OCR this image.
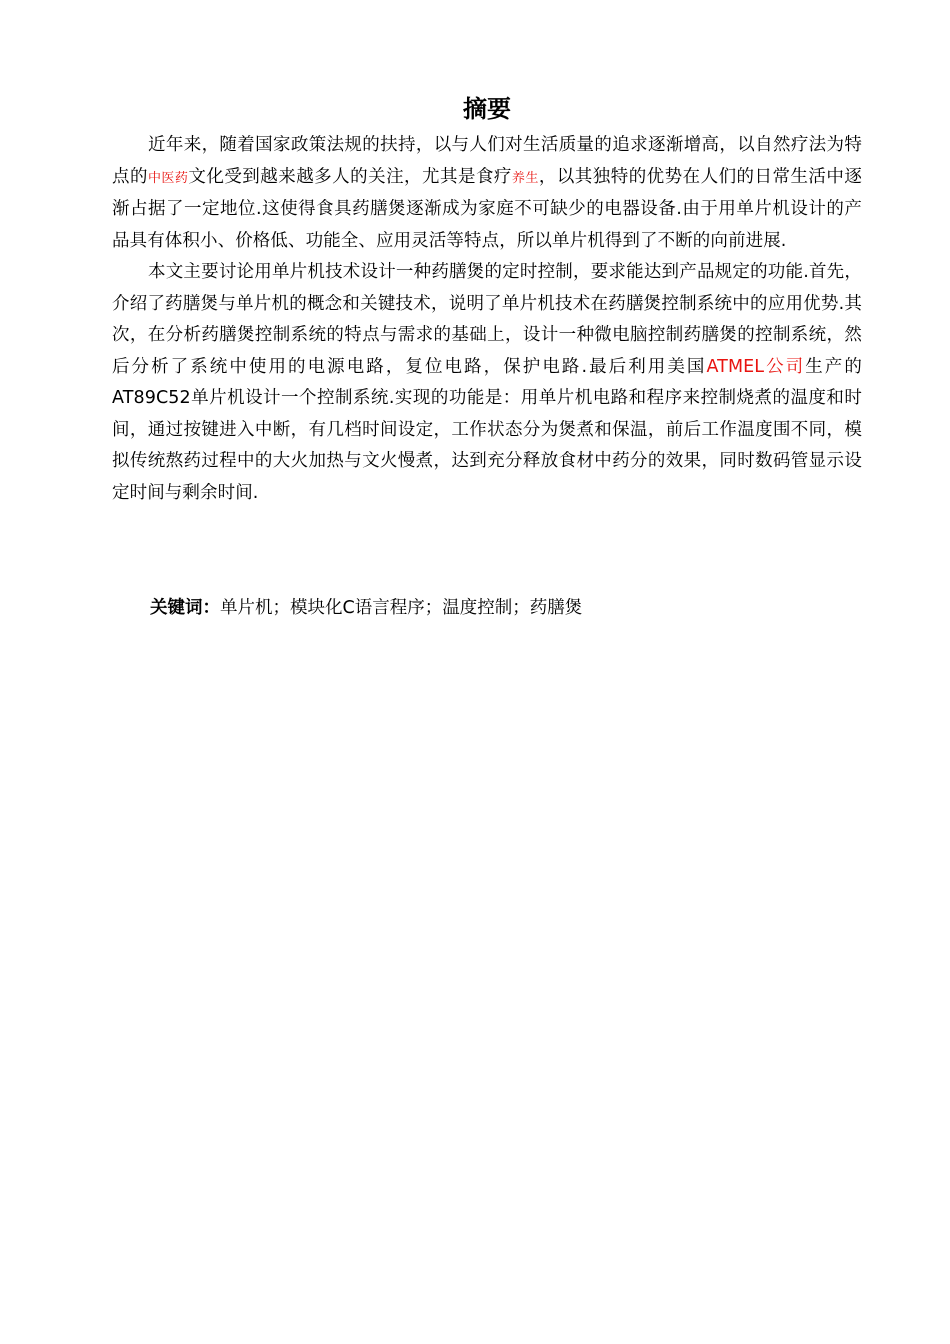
摘要

近年来，随着国家政策法规的扶持，以与人们对生活质量的追求逐渐增高，以自然疗法为特点的中医药文化受到越来越多人的关注，尤其是食疗养生，以其独特的优势在人们的日常生活中逐渐占据了一定地位.这使得食具药膳煲逐渐成为家庭不可缺少的电器设备.由于用单片机设计的产品具有体积小、价格低、功能全、应用灵活等特点，所以单片机得到了不断的向前进展.

本文主要讨论用单片机技术设计一种药膳煲的定时控制，要求能达到产品规定的功能.首先，介绍了药膳煲与单片机的概念和关键技术，说明了单片机技术在药膳煲控制系统中的应用优势.其次，在分析药膳煲控制系统的特点与需求的基础上，设计一种微电脑控制药膳煲的控制系统，然后分析了系统中使用的电源电路，复位电路，保护电路.最后利用美国ATMEL公司生产的AT89C52单片机设计一个控制系统.实现的功能是：用单片机电路和程序来控制烧煮的温度和时间，通过按键进入中断，有几档时间设定，工作状态分为煲煮和保温，前后工作温度围不同，模拟传统熬药过程中的大火加热与文火慢煮，达到充分释放食材中药分的效果，同时数码管显示设定时间与剩余时间.

关键词：单片机；模块化C语言程序；温度控制；药膳煲
